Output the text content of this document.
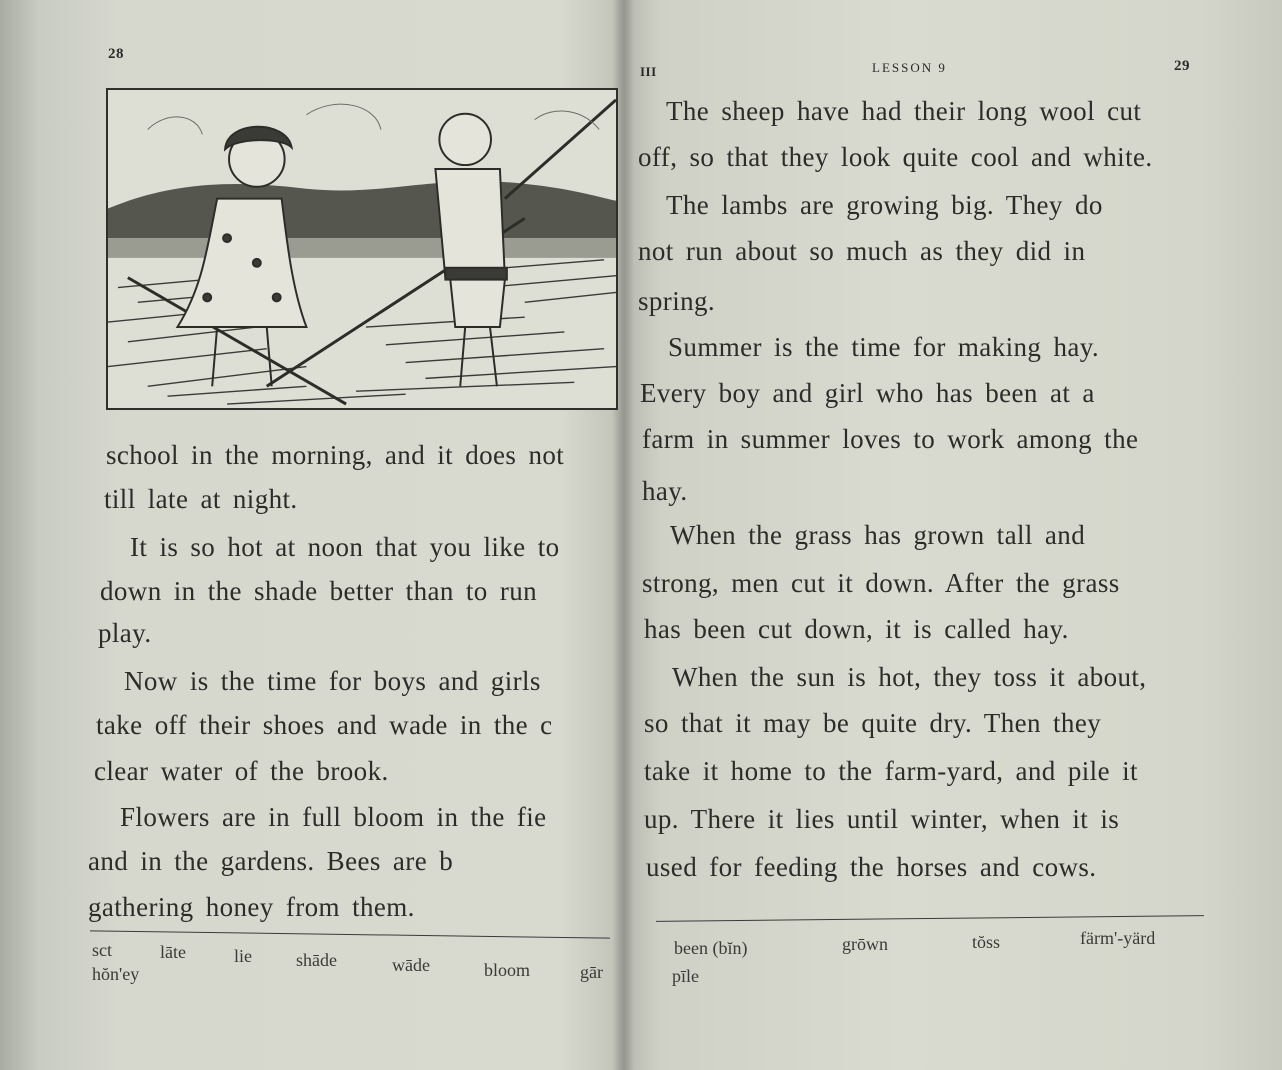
28
school in the morning, and it does not
till late at night.
It is so hot at noon that you like to
down in the shade better than to run
play.
Now is the time for boys and girls
take off their shoes and wade in the c
clear water of the brook.
Flowers are in full bloom in the fie
and in the gardens. Bees are b
gathering honey from them.
sct	lāte	lie shāde	wāde	bloom	gār
hŏn'ey
III	LESSON 9	29
The sheep have had their long wool cut
off, so that they look quite cool and white.
The lambs are growing big. They do
not run about so much as they did in
spring.
Summer is the time for making hay.
Every boy and girl who has been at a
farm in summer loves to work among the
hay.
When the grass has grown tall and
strong, men cut it down. After the grass
has been cut down, it is called hay.
When the sun is hot, they toss it about,
so that it may be quite dry. Then they
take it home to the farm-yard, and pile it
up. There it lies until winter, when it is
used for feeding the horses and cows.
been (bĭn)	grōwn	tŏss	färm'-yärd
pīle
